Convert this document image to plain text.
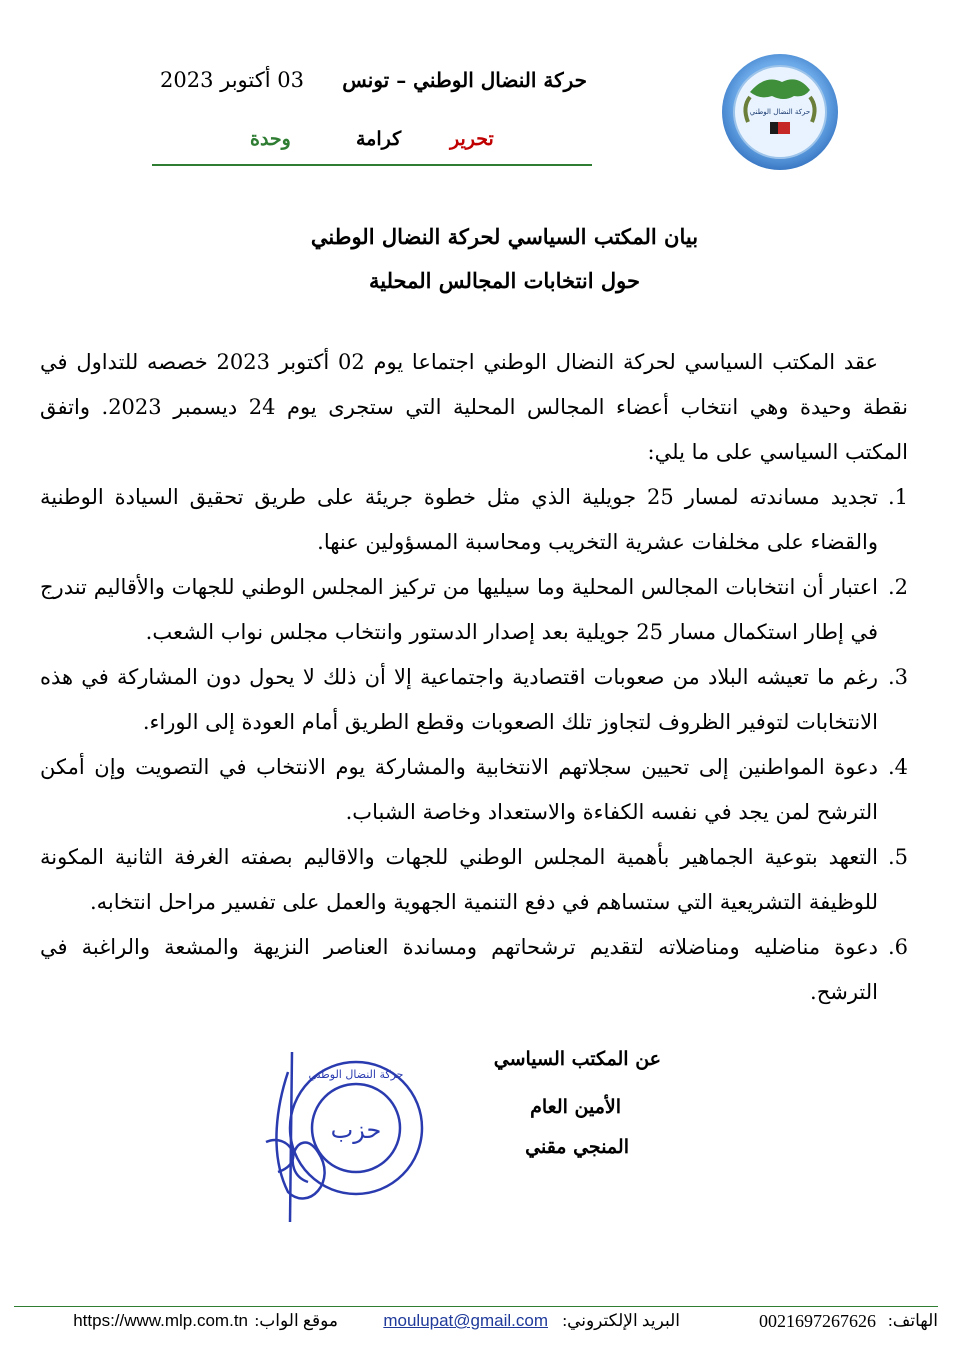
حركة النضال الوطني
حركة النضال الوطني – تونس
03 أكتوبر 2023
تحرير
كرامة
وحدة
بيان المكتب السياسي لحركة النضال الوطني
حول انتخابات المجالس المحلية

عقد المكتب السياسي لحركة النضال الوطني اجتماعا يوم 02 أكتوبر 2023 خصصه للتداول في نقطة وحيدة وهي انتخاب أعضاء المجالس المحلية التي ستجرى يوم 24 ديسمبر 2023. واتفق المكتب السياسي على ما يلي:

1.
تجديد مساندته لمسار 25 جويلية الذي مثل خطوة جريئة على طريق تحقيق السيادة الوطنية والقضاء على مخلفات عشرية التخريب ومحاسبة المسؤولين عنها.
2.
اعتبار أن انتخابات المجالس المحلية وما سيليها من تركيز المجلس الوطني للجهات والأقاليم تندرج في إطار استكمال مسار 25 جويلية بعد إصدار الدستور وانتخاب مجلس نواب الشعب.
3.
رغم ما تعيشه البلاد من صعوبات اقتصادية واجتماعية إلا أن ذلك لا يحول دون المشاركة في هذه الانتخابات لتوفير الظروف لتجاوز تلك الصعوبات وقطع الطريق أمام العودة إلى الوراء.
4.
دعوة المواطنين إلى تحيين سجلاتهم الانتخابية والمشاركة يوم الانتخاب في التصويت وإن أمكن الترشح لمن يجد في نفسه الكفاءة والاستعداد وخاصة الشباب.
5.
التعهد بتوعية الجماهير بأهمية المجلس الوطني للجهات والاقاليم بصفته الغرفة الثانية المكونة للوظيفة التشريعية التي ستساهم في دفع التنمية الجهوية والعمل على تفسير مراحل انتخابه.
6.
دعوة مناضليه ومناضلاته لتقديم ترشحاتهم ومساندة العناصر النزيهة والمشعة والراغبة في الترشح.
حزب
حركة النضال الوطني
عن المكتب السياسي
الأمين العام
المنجي مقني
الهاتف:
0021697267626
البريد الإلكتروني:
moulupat@gmail.com
موقع الواب:
https://www.mlp.com.tn
